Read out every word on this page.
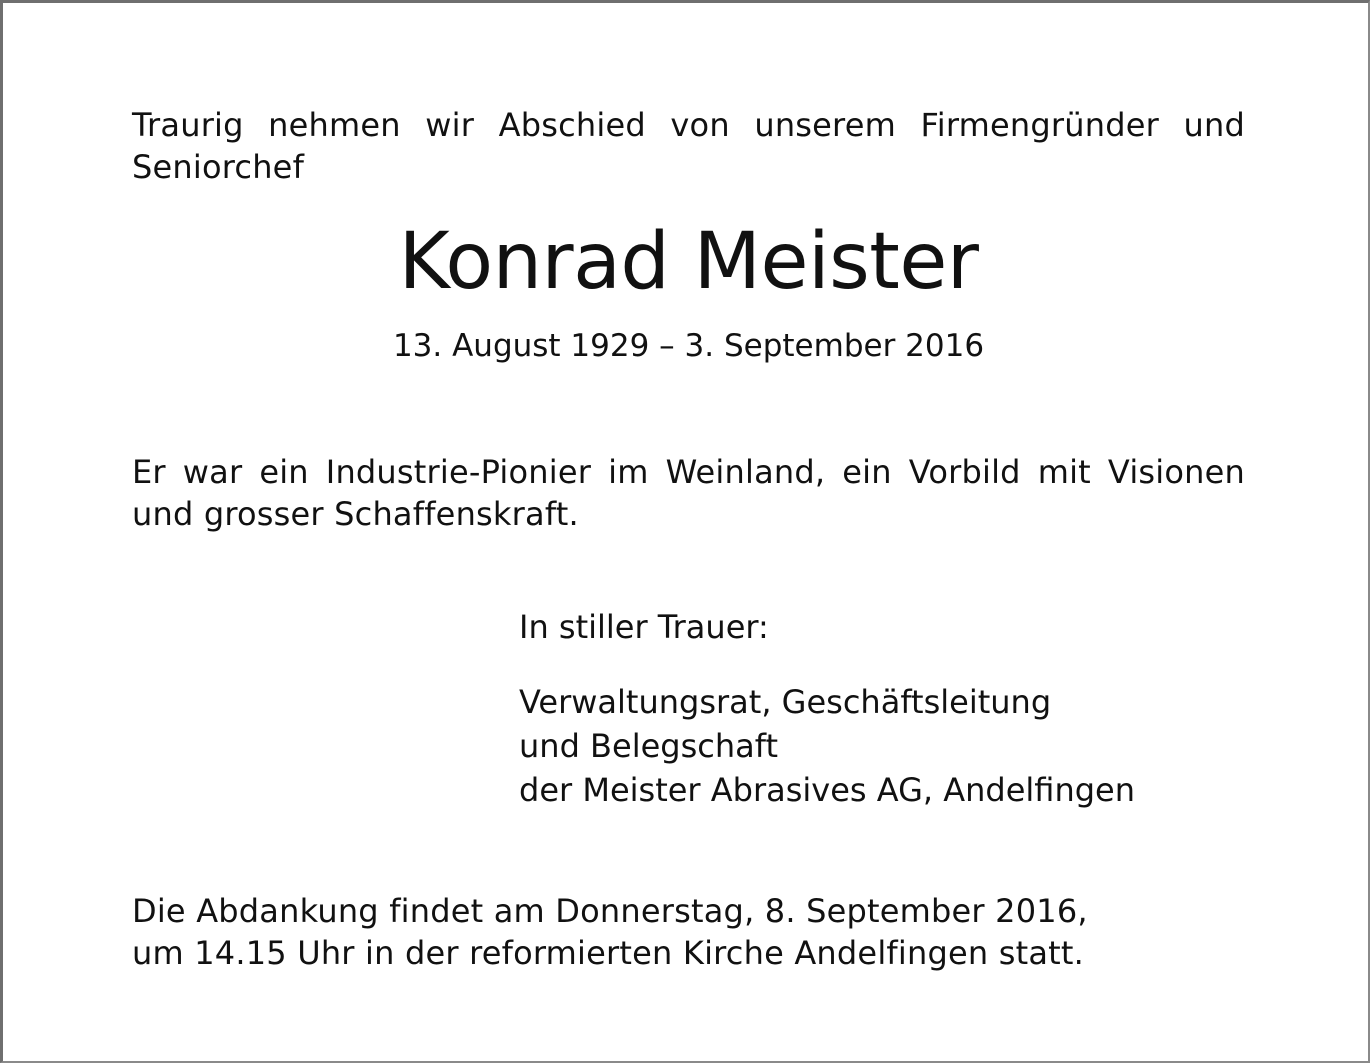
Traurig nehmen wir Abschied von unserem Firmengründer und Seniorchef
Konrad Meister
13. August 1929 – 3. September 2016
Er war ein Industrie-Pionier im Weinland, ein Vorbild mit Visionen und grosser Schaffenskraft.
In stiller Trauer:
Verwaltungsrat, Geschäftsleitung
und Belegschaft
der Meister Abrasives AG, Andelfingen
Die Abdankung findet am Donnerstag, 8. September 2016,
um 14.15 Uhr in der reformierten Kirche Andelfingen statt.
